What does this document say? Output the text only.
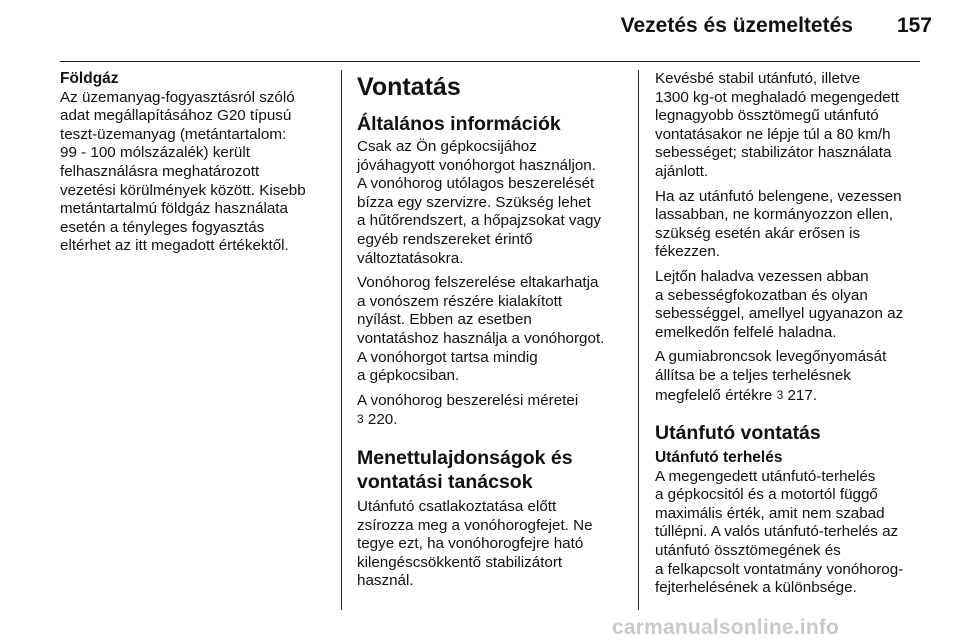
Vezetés és üzemeltetés 157
Földgáz

Az üzemanyag-fogyasztásról szóló
adat megállapításához G20 típusú
teszt-üzemanyag (metántartalom:
99 - 100 mólszázalék) került
felhasználásra meghatározott
vezetési körülmények között. Kisebb
metántartalmú földgáz használata
esetén a tényleges fogyasztás
eltérhet az itt megadott értékektől.

Vontatás
Általános információk

Csak az Ön gépkocsijához
jóváhagyott vonóhorgot használjon.
A vonóhorog utólagos beszerelését
bízza egy szervizre. Szükség lehet
a hűtőrendszert, a hőpajzsokat vagy
egyéb rendszereket érintő
változtatásokra.

Vonóhorog felszerelése eltakarhatja
a vonószem részére kialakított
nyílást. Ebben az esetben
vontatáshoz használja a vonóhorgot.
A vonóhorgot tartsa mindig
a gépkocsiban.

A vonóhorog beszerelési méretei
3 220.

Menettulajdonságok és
vontatási tanácsok

Utánfutó csatlakoztatása előtt
zsírozza meg a vonóhorogfejet. Ne
tegye ezt, ha vonóhorogfejre ható
kilengéscsökkentő stabilizátort
használ.

Kevésbé stabil utánfutó, illetve
1300 kg-ot meghaladó megengedett
legnagyobb össztömegű utánfutó
vontatásakor ne lépje túl a 80 km/h
sebességet; stabilizátor használata
ajánlott.

Ha az utánfutó belengene, vezessen
lassabban, ne kormányozzon ellen,
szükség esetén akár erősen is
fékezzen.

Lejtőn haladva vezessen abban
a sebességfokozatban és olyan
sebességgel, amellyel ugyanazon az
emelkedőn felfelé haladna.

A gumiabroncsok levegőnyomását
állítsa be a teljes terhelésnek
megfelelő értékre 3 217.

Utánfutó vontatás
Utánfutó terhelés

A megengedett utánfutó-terhelés
a gépkocsitól és a motortól függő
maximális érték, amit nem szabad
túllépni. A valós utánfutó-terhelés az
utánfutó össztömegének és
a felkapcsolt vontatmány vonóhorog-
fejterhelésének a különbsége.

carmanualsonline.info
